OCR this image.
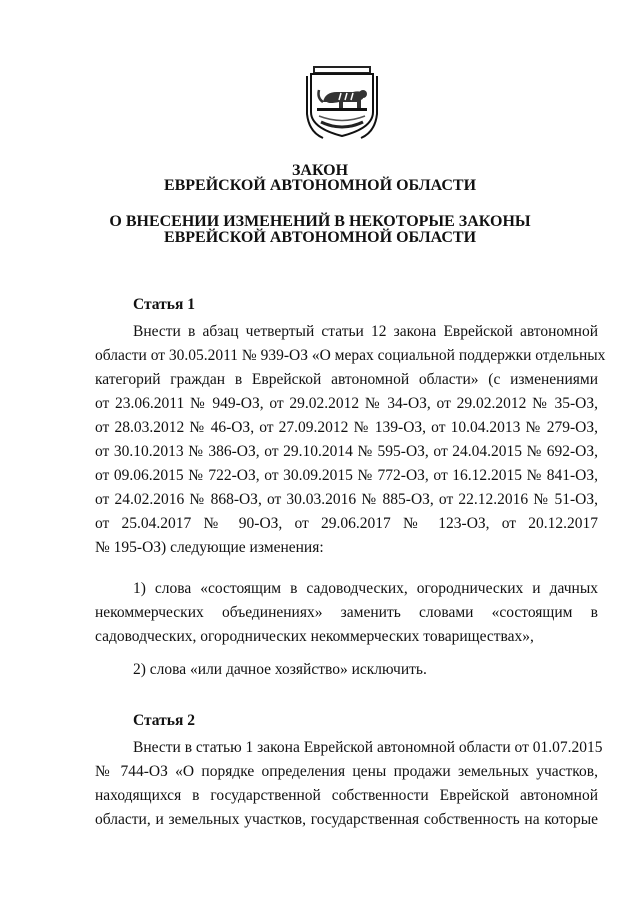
ЗАКОН

ЕВРЕЙСКОЙ АВТОНОМНОЙ ОБЛАСТИ

О ВНЕСЕНИИ ИЗМЕНЕНИЙ В НЕКОТОРЫЕ ЗАКОНЫ

ЕВРЕЙСКОЙ АВТОНОМНОЙ ОБЛАСТИ

Статья 1

Внести в абзац четвертый статьи 12 закона Еврейской автономной
области от 30.05.2011 № 939-ОЗ «О мерах социальной поддержки отдельных
категорий граждан в Еврейской автономной области» (с изменениями
от 23.06.2011 № 949-ОЗ, от 29.02.2012 № 34-ОЗ, от 29.02.2012 № 35-ОЗ,
от 28.03.2012 № 46-ОЗ, от 27.09.2012 № 139-ОЗ, от 10.04.2013 № 279-ОЗ,
от 30.10.2013 № 386-ОЗ, от 29.10.2014 № 595-ОЗ, от 24.04.2015 № 692-ОЗ,
от 09.06.2015 № 722-ОЗ, от 30.09.2015 № 772-ОЗ, от 16.12.2015 № 841-ОЗ,
от 24.02.2016 № 868-ОЗ, от 30.03.2016 № 885-ОЗ, от 22.12.2016 № 51-ОЗ,
от 25.04.2017 № 90-ОЗ, от 29.06.2017 № 123-ОЗ, от 20.12.2017
№ 195-ОЗ) следующие изменения:
1) слова «состоящим в садоводческих, огороднических и дачных
некоммерческих объединениях» заменить словами «состоящим в
садоводческих, огороднических некоммерческих товариществах»,
2) слова «или дачное хозяйство» исключить.

Статья 2

Внести в статью 1 закона Еврейской автономной области от 01.07.2015
№ 744-ОЗ «О порядке определения цены продажи земельных участков,
находящихся в государственной собственности Еврейской автономной
области, и земельных участков, государственная собственность на которые
